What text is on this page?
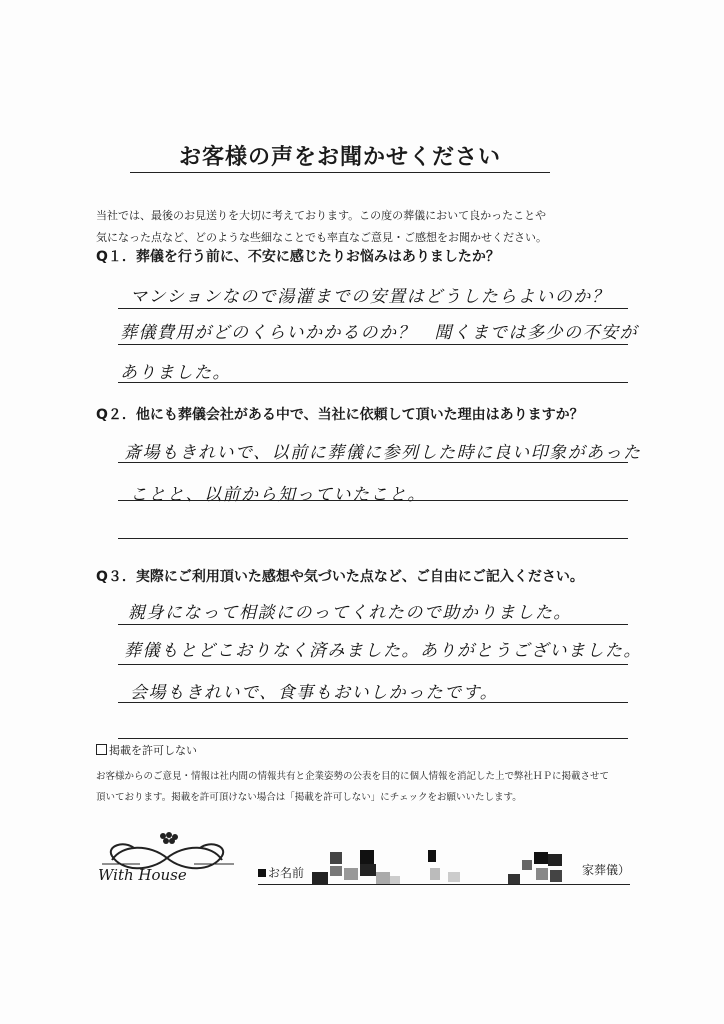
お客様の声をお聞かせください

当社では、最後のお見送りを大切に考えております。この度の葬儀において良かったことや

気になった点など、どのような些細なことでも率直なご意見・ご感想をお聞かせください。

Q１．葬儀を行う前に、不安に感じたりお悩みはありましたか？

マンションなので湯灌までの安置はどうしたらよいのか？
葬儀費用がどのくらいかかるのか？　聞くまでは多少の不安が
ありました。

Q２．他にも葬儀会社がある中で、当社に依頼して頂いた理由はありますか？

斎場もきれいで、以前に葬儀に参列した時に良い印象があった
ことと、以前から知っていたこと。

Q３．実際にご利用頂いた感想や気づいた点など、ご自由にご記入ください。

親身になって相談にのってくれたので助かりました。
葬儀もとどこおりなく済みました。ありがとうございました。
会場もきれいで、食事もおいしかったです。
掲載を許可しない

お客様からのご意見・情報は社内間の情報共有と企業姿勢の公表を目的に個人情報を消記した上で弊社ＨＰに掲載させて

頂いております。掲載を許可頂けない場合は「掲載を許可しない」にチェックをお願いいたします。

With House	お名前	家葬儀）
